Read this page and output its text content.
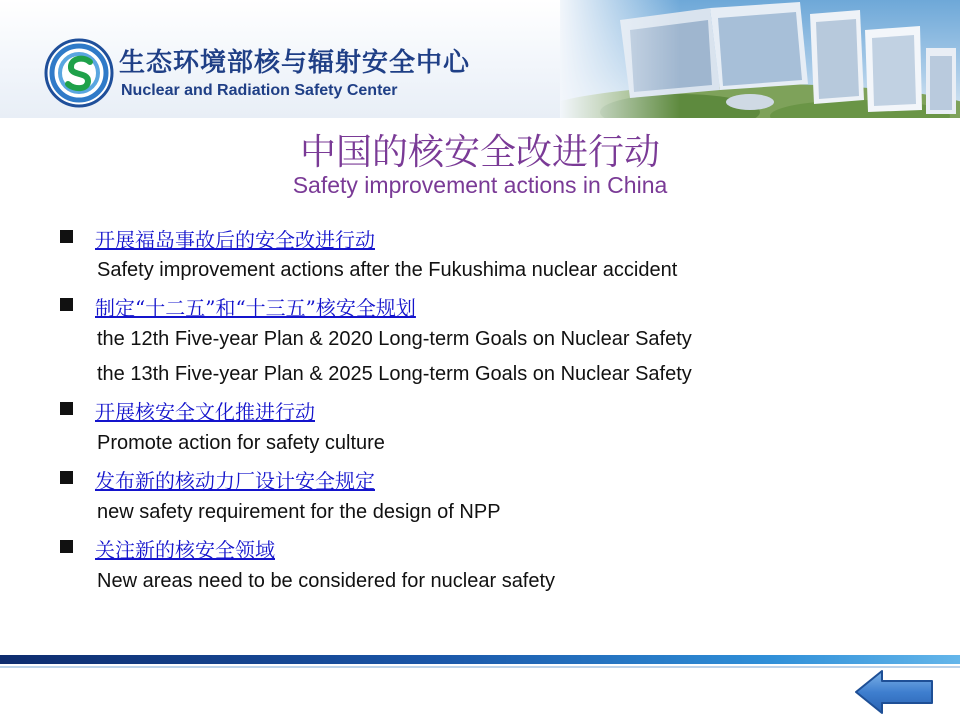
生态环境部核与辐射安全中心
Nuclear and Radiation Safety Center
中国的核安全改进行动
Safety improvement actions in China
开展福岛事故后的安全改进行动
Safety improvement actions after the Fukushima nuclear accident
制定“十二五”和“十三五”核安全规划
the 12th Five-year Plan & 2020 Long-term Goals on Nuclear Safety
the 13th Five-year Plan & 2025 Long-term Goals on Nuclear Safety
开展核安全文化推进行动
Promote action for safety culture
发布新的核动力厂设计安全规定
new safety requirement for the design of NPP
关注新的核安全领域
New areas need to be considered for nuclear safety
